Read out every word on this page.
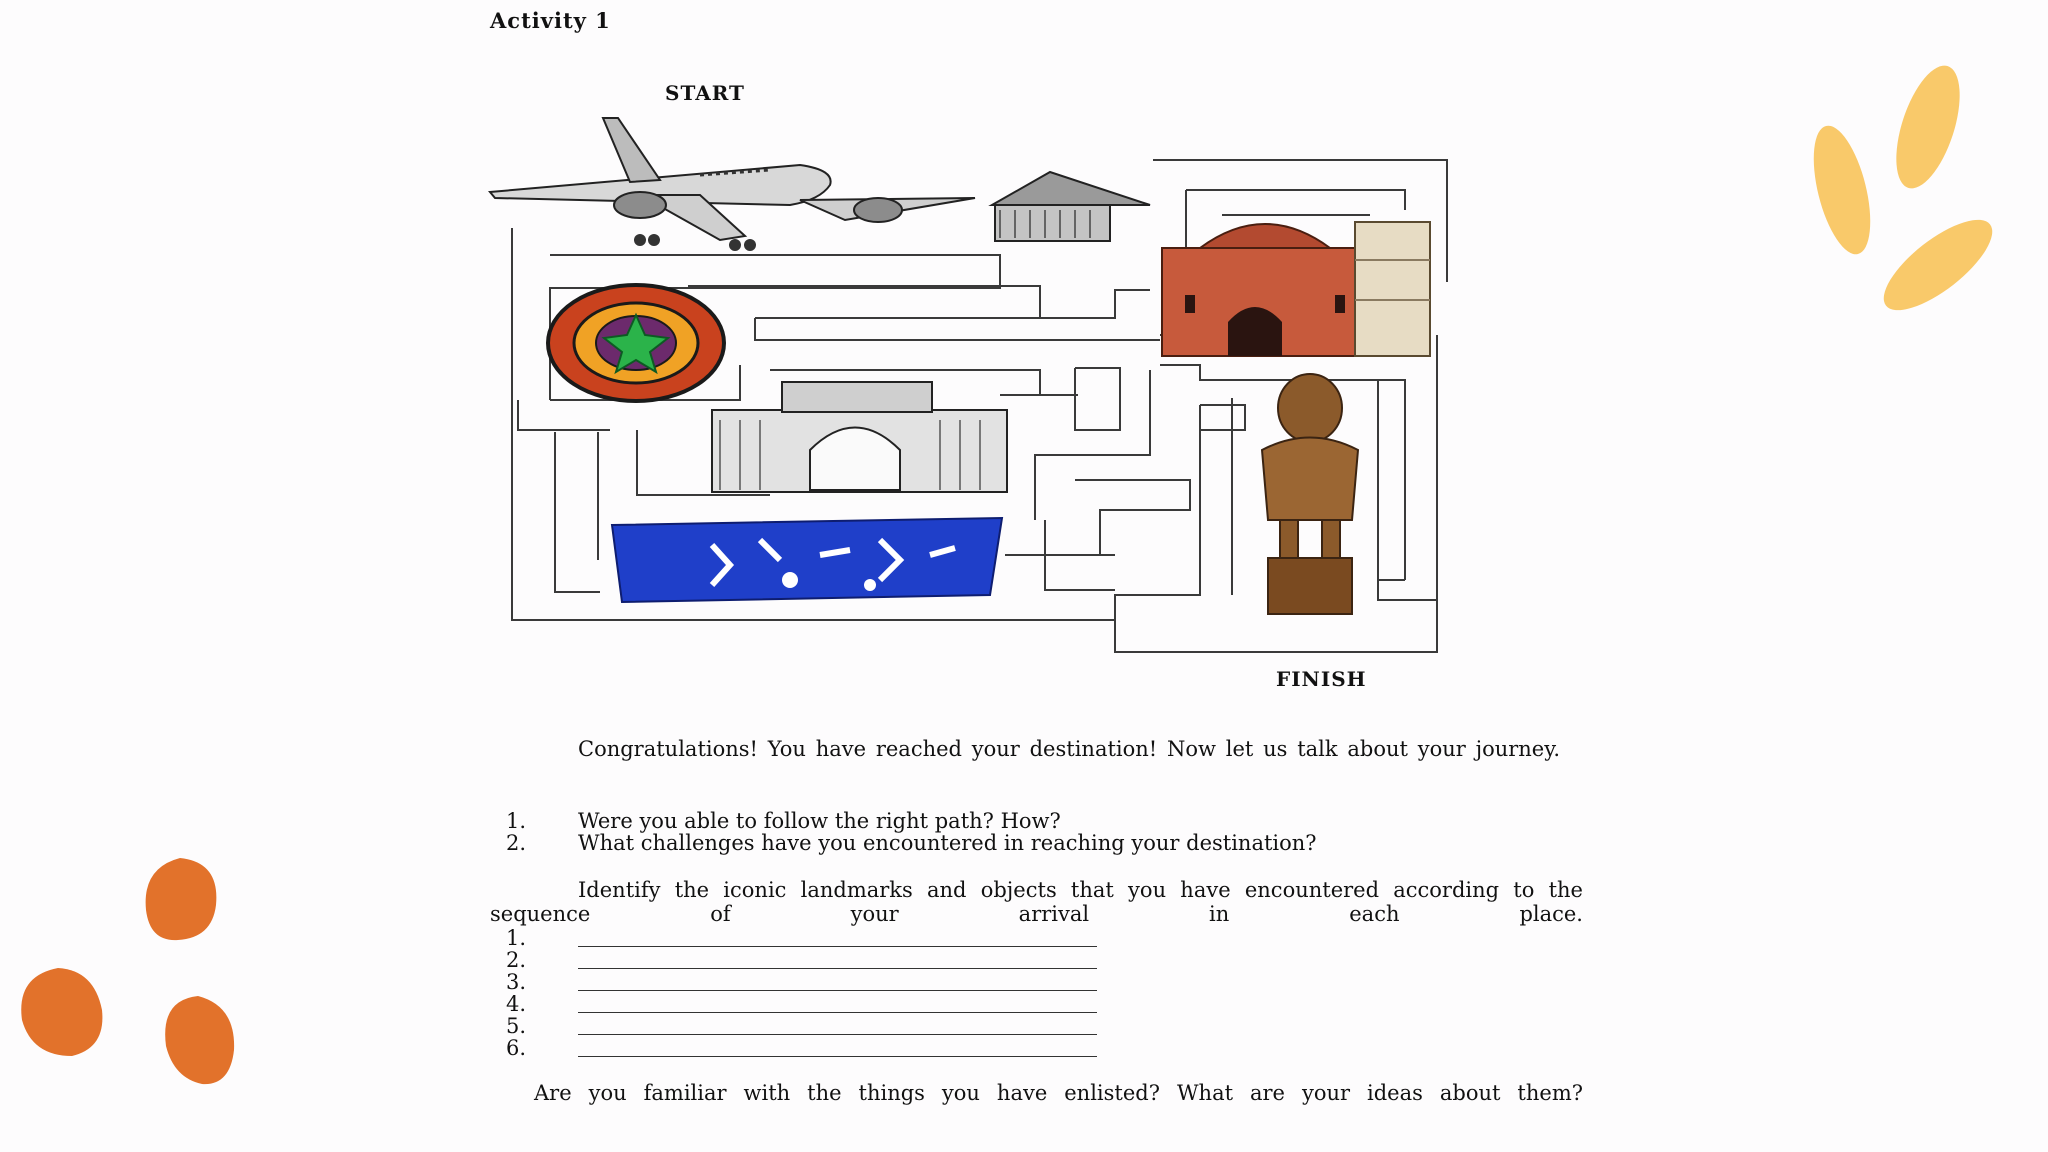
Activity 1
START
FINISH
Congratulations! You have reached your destination! Now let us talk about your journey.
1. Were you able to follow the right path? How?
2. What challenges have you encountered in reaching your destination?
Identify the iconic landmarks and objects that you have encountered according to the sequence of your arrival in each place.
1.
2.
3.
4.
5.
6.
Are you familiar with the things you have enlisted? What are your ideas about them?
